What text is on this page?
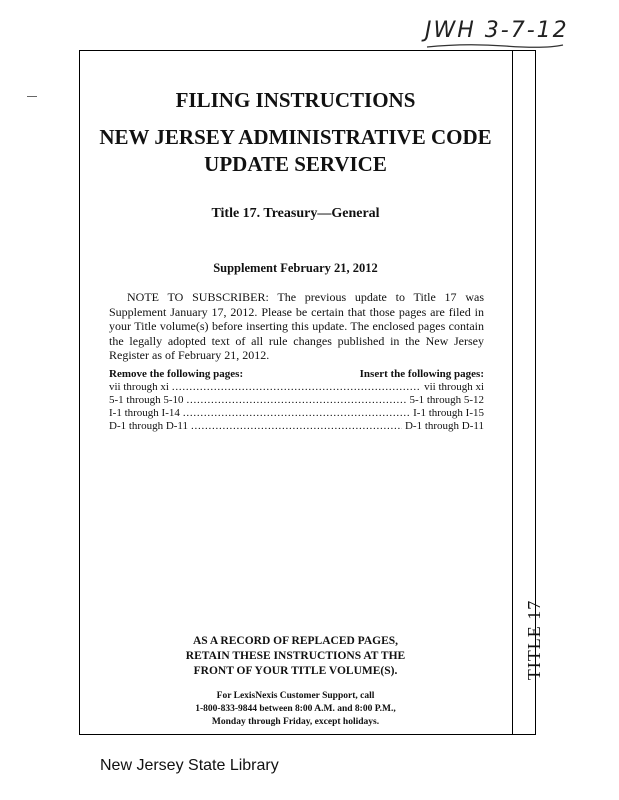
JWH 3-7-12
TITLE 17
FILING INSTRUCTIONS
NEW JERSEY ADMINISTRATIVE CODE
UPDATE SERVICE
Title 17. Treasury—General
Supplement February 21, 2012
NOTE TO SUBSCRIBER: The previous update to Title 17 was Supplement January 17, 2012. Please be certain that those pages are filed in your Title volume(s) before inserting this update. The enclosed pages contain the legally adopted text of all rule changes published in the New Jersey Register as of February 21, 2012.
Remove the following pages:	Insert the following pages:
vii through xi . . .	vii through xi
5-1 through 5-10 . . .	5-1 through 5-12
I-1 through I-14 . . .	I-1 through I-15
D-1 through D-11 . . .	D-1 through D-11
AS A RECORD OF REPLACED PAGES,
RETAIN THESE INSTRUCTIONS AT THE
FRONT OF YOUR TITLE VOLUME(S).
For LexisNexis Customer Support, call
1-800-833-9844 between 8:00 A.M. and 8:00 P.M.,
Monday through Friday, except holidays.
New Jersey State Library
